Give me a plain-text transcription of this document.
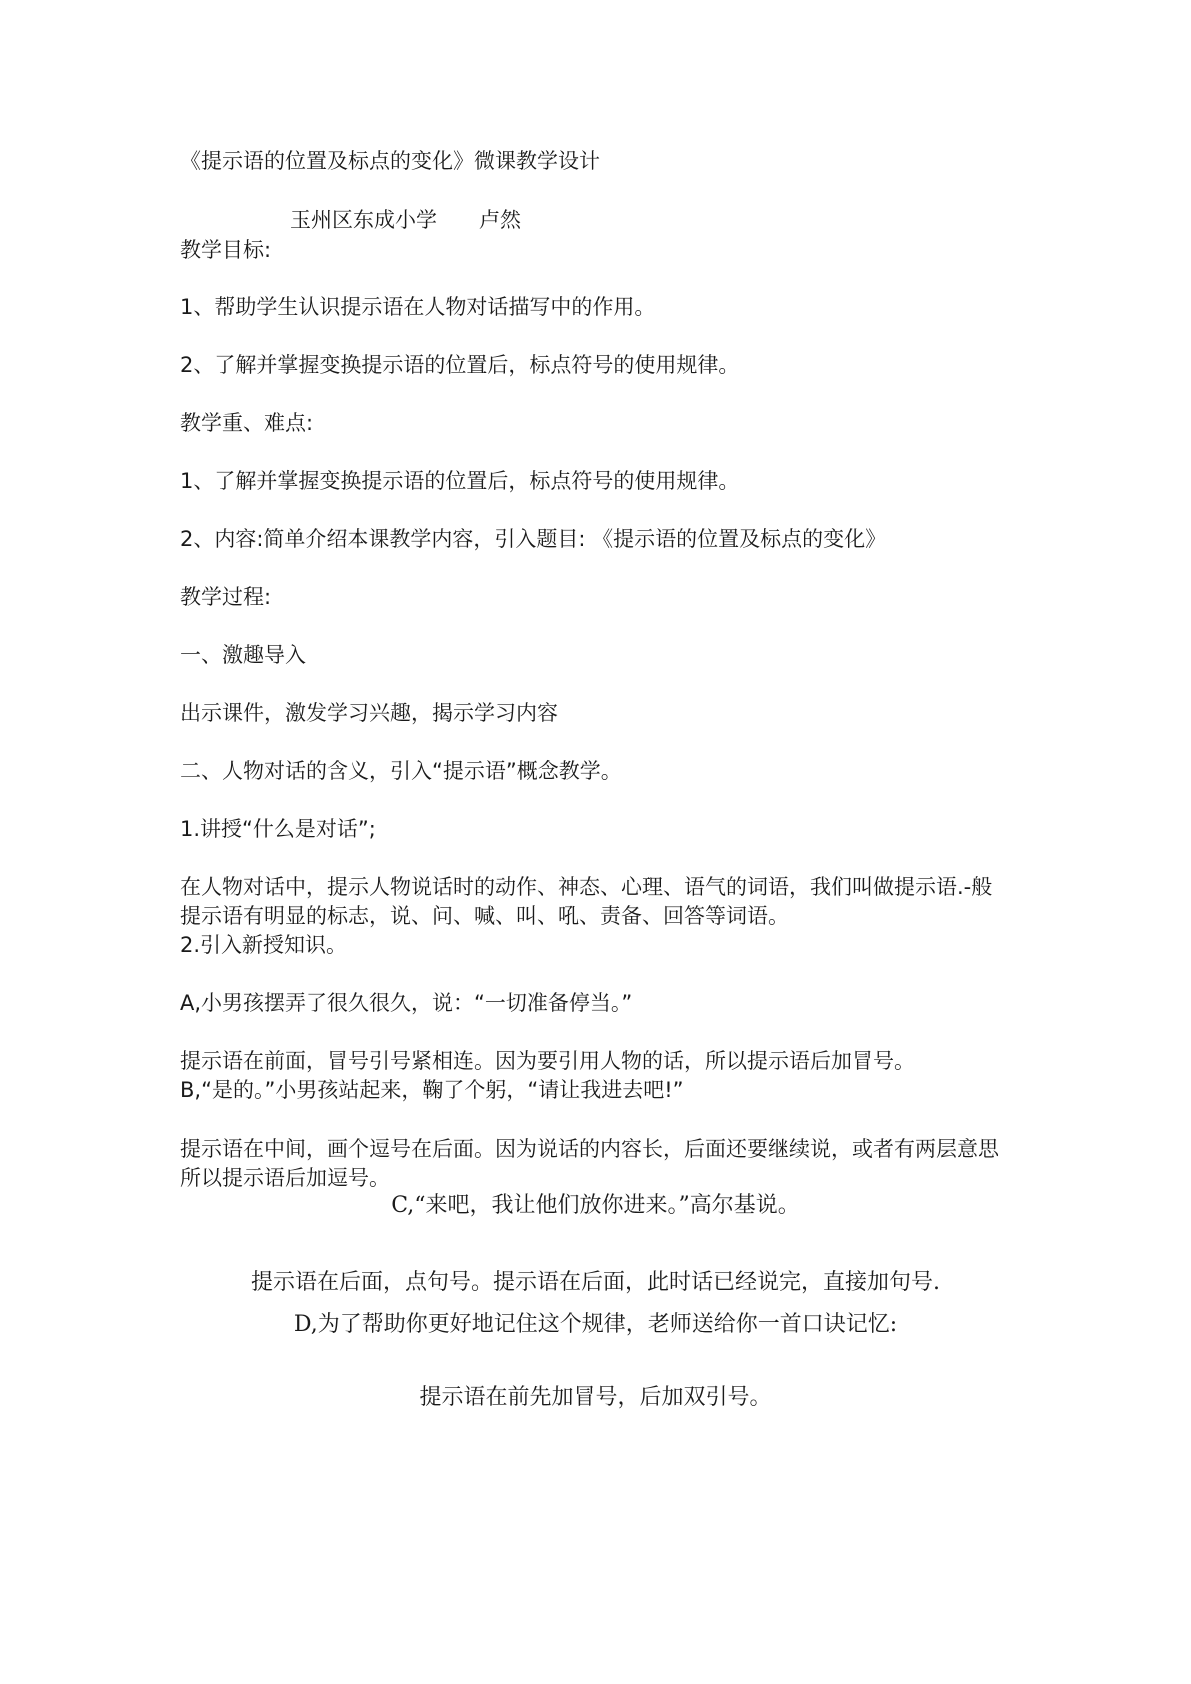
《提示语的位置及标点的变化》微课教学设计

玉州区东成小学　　卢然

教学目标:

1、帮助学生认识提示语在人物对话描写中的作用。

2、了解并掌握变换提示语的位置后，标点符号的使用规律。

教学重、难点:

1、了解并掌握变换提示语的位置后，标点符号的使用规律。

2、内容:简单介绍本课教学内容，引入题目: 《提示语的位置及标点的变化》

教学过程:

一、激趣导入

出示课件，激发学习兴趣，揭示学习内容

二、人物对话的含义，引入“提示语”概念教学。

1.讲授“什么是对话”;

在人物对话中，提示人物说话时的动作、神态、心理、语气的词语，我们叫做提示语.-般

提示语有明显的标志，说、问、喊、叫、吼、责备、回答等词语。

2.引入新授知识。

A,小男孩摆弄了很久很久，说：“一切准备停当。”

提示语在前面，冒号引号紧相连。因为要引用人物的话，所以提示语后加冒号。

B,“是的。”小男孩站起来，鞠了个躬，“请让我进去吧!”

提示语在中间，画个逗号在后面。因为说话的内容长，后面还要继续说，或者有两层意思

所以提示语后加逗号。

C,“来吧，我让他们放你进来。”高尔基说。

提示语在后面，点句号。提示语在后面，此时话已经说完，直接加句号.

D,为了帮助你更好地记住这个规律，老师送给你一首口诀记忆:

提示语在前先加冒号，后加双引号。
